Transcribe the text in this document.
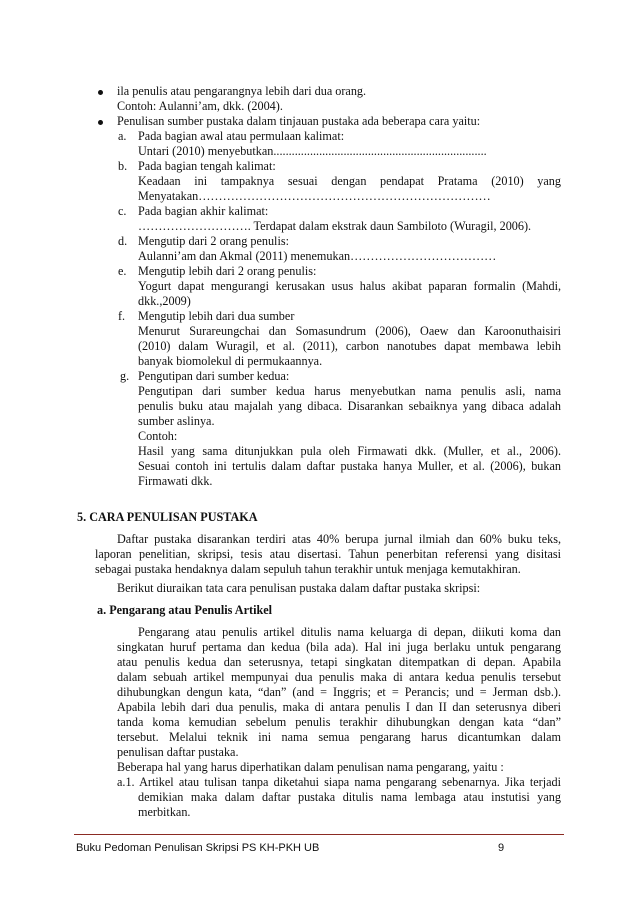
ila penulis atau pengarangnya lebih dari dua orang.
Contoh: Aulanni’am, dkk. (2004).
Penulisan sumber pustaka dalam tinjauan pustaka ada beberapa cara yaitu:
a. Pada bagian awal atau permulaan kalimat:
Untari (2010) menyebutkan......................................................................
b. Pada bagian tengah kalimat:
Keadaan ini tampaknya sesuai dengan pendapat Pratama (2010) yang
Menyatakan………………………………………………………………
c. Pada bagian akhir kalimat:
………………………. Terdapat dalam ekstrak daun Sambiloto (Wuragil, 2006).
d. Mengutip dari 2 orang penulis:
Aulanni’am dan Akmal (2011) menemukan………………………………
e. Mengutip lebih dari 2 orang penulis:
Yogurt dapat mengurangi kerusakan usus halus akibat paparan formalin (Mahdi,
dkk.,2009)
f. Mengutip lebih dari dua sumber
Menurut Surareungchai dan Somasundrum (2006), Oaew dan Karoonuthaisiri
(2010) dalam Wuragil, et al. (2011), carbon nanotubes dapat membawa lebih
banyak biomolekul di permukaannya.
g. Pengutipan dari sumber kedua:
Pengutipan dari sumber kedua harus menyebutkan nama penulis asli, nama
penulis buku atau majalah yang dibaca. Disarankan sebaiknya yang dibaca adalah
sumber aslinya.
Contoh:
Hasil yang sama ditunjukkan pula oleh Firmawati dkk. (Muller, et al., 2006).
Sesuai contoh ini tertulis dalam daftar pustaka hanya Muller, et al. (2006), bukan
Firmawati dkk.
5. CARA PENULISAN PUSTAKA
Daftar pustaka disarankan terdiri atas 40% berupa jurnal ilmiah dan 60% buku teks,
laporan penelitian, skripsi, tesis atau disertasi. Tahun penerbitan referensi yang disitasi
sebagai pustaka hendaknya dalam sepuluh tahun terakhir untuk menjaga kemutakhiran.
Berikut diuraikan tata cara penulisan pustaka dalam daftar pustaka skripsi:
a. Pengarang atau Penulis Artikel
Pengarang atau penulis artikel ditulis nama keluarga di depan, diikuti koma dan
singkatan huruf pertama dan kedua (bila ada). Hal ini juga berlaku untuk pengarang
atau penulis kedua dan seterusnya, tetapi singkatan ditempatkan di depan. Apabila
dalam sebuah artikel mempunyai dua penulis maka di antara kedua penulis tersebut
dihubungkan dengun kata, “dan” (and = Inggris; et = Perancis; und = Jerman dsb.).
Apabila lebih dari dua penulis, maka di antara penulis I dan II dan seterusnya diberi
tanda koma kemudian sebelum penulis terakhir dihubungkan dengan kata “dan”
tersebut. Melalui teknik ini nama semua pengarang harus dicantumkan dalam
penulisan daftar pustaka.
Beberapa hal yang harus diperhatikan dalam penulisan nama pengarang, yaitu :
a.1. Artikel atau tulisan tanpa diketahui siapa nama pengarang sebenarnya. Jika terjadi
demikian maka dalam daftar pustaka ditulis nama lembaga atau instutisi yang
merbitkan.
Buku Pedoman Penulisan Skripsi PS KH-PKH UB	9
